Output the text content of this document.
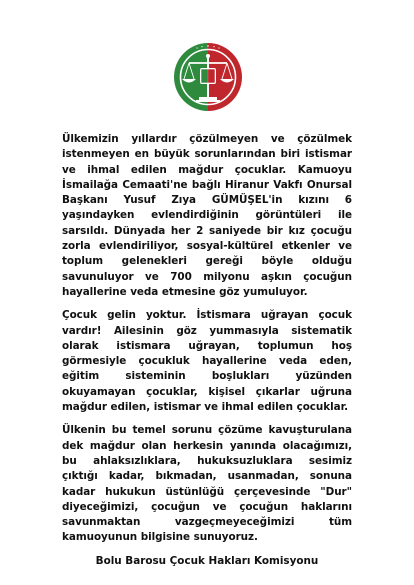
Ülkemizin yıllardır çözülmeyen ve çözülmek istenmeyen en büyük sorunlarından biri istismar ve ihmal edilen mağdur çocuklar. Kamuoyu İsmailağa Cemaati'ne bağlı Hiranur Vakfı Onursal Başkanı Yusuf Zıya GÜMÜŞEL'in kızını 6 yaşındayken evlendirdiğinin görüntüleri ile sarsıldı. Dünyada her 2 saniyede bir kız çocuğu zorla evlendiriliyor, sosyal-kültürel etkenler ve toplum gelenekleri gereği böyle olduğu savunuluyor ve 700 milyonu aşkın çocuğun hayallerine veda etmesine göz yumuluyor.

Çocuk gelin yoktur. İstismara uğrayan çocuk vardır! Ailesinin göz yummasıyla sistematik olarak istismara uğrayan, toplumun hoş görmesiyle çocukluk hayallerine veda eden, eğitim sisteminin boşlukları yüzünden okuyamayan çocuklar, kişisel çıkarlar uğruna mağdur edilen, istismar ve ihmal edilen çocuklar.

Ülkenin bu temel sorunu çözüme kavuşturulana dek mağdur olan herkesin yanında olacağımızı, bu ahlaksızlıklara, hukuksuzluklara sesimiz çıktığı kadar, bıkmadan, usanmadan, sonuna kadar hukukun üstünlüğü çerçevesinde "Dur" diyeceğimizi, çocuğun ve çocuğun haklarını savunmaktan vazgeçmeyeceğimizi tüm kamuoyunun bilgisine sunuyoruz.

Bolu Barosu Çocuk Hakları Komisyonu
